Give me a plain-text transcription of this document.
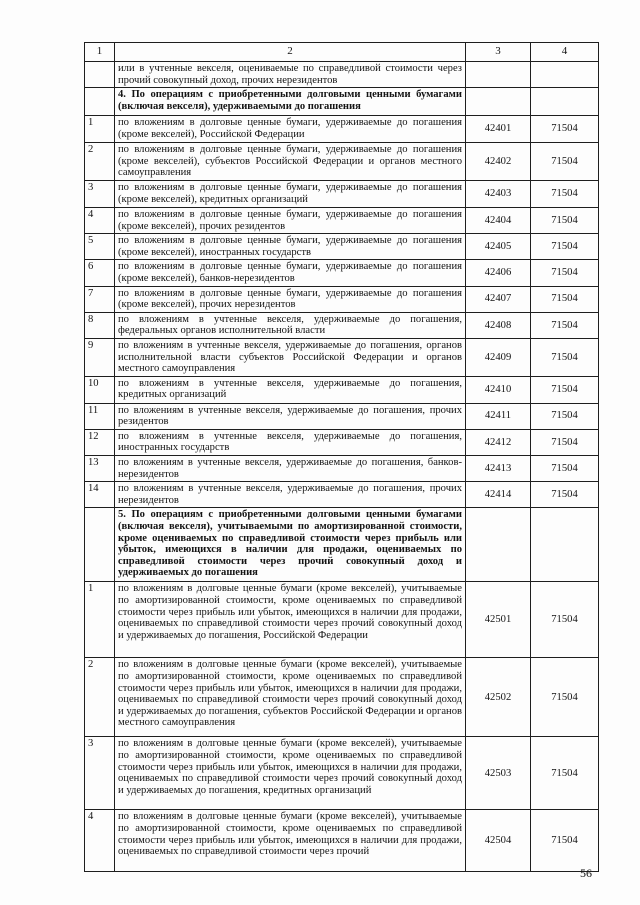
1	2	3	4
	или в учтенные векселя, оцениваемые по справедливой стоимости через прочий совокупный доход, прочих нерезидентов		
	4. По операциям с приобретенными долговыми ценными бумагами (включая векселя), удерживаемыми до погашения		
1	по вложениям в долговые ценные бумаги, удерживаемые до погашения (кроме векселей), Российской Федерации	42401	71504
2	по вложениям в долговые ценные бумаги, удерживаемые до погашения (кроме векселей), субъектов Российской Федерации и органов местного самоуправления	42402	71504
3	по вложениям в долговые ценные бумаги, удерживаемые до погашения (кроме векселей), кредитных организаций	42403	71504
4	по вложениям в долговые ценные бумаги, удерживаемые до погашения (кроме векселей), прочих резидентов	42404	71504
5	по вложениям в долговые ценные бумаги, удерживаемые до погашения (кроме векселей), иностранных государств	42405	71504
6	по вложениям в долговые ценные бумаги, удерживаемые до погашения (кроме векселей), банков-нерезидентов	42406	71504
7	по вложениям в долговые ценные бумаги, удерживаемые до погашения (кроме векселей), прочих нерезидентов	42407	71504
8	по вложениям в учтенные векселя, удерживаемые до погашения, федеральных органов исполнительной власти	42408	71504
9	по вложениям в учтенные векселя, удерживаемые до погашения, органов исполнительной власти субъектов Российской Федерации и органов местного самоуправления	42409	71504
10	по вложениям в учтенные векселя, удерживаемые до погашения, кредитных организаций	42410	71504
11	по вложениям в учтенные векселя, удерживаемые до погашения, прочих резидентов	42411	71504
12	по вложениям в учтенные векселя, удерживаемые до погашения, иностранных государств	42412	71504
13	по вложениям в учтенные векселя, удерживаемые до погашения, банков-нерезидентов	42413	71504
14	по вложениям в учтенные векселя, удерживаемые до погашения, прочих нерезидентов	42414	71504
	5. По операциям с приобретенными долговыми ценными бумагами (включая векселя), учитываемыми по амортизированной стоимости, кроме оцениваемых по справедливой стоимости через прибыль или убыток, имеющихся в наличии для продажи, оцениваемых по справедливой стоимости через прочий совокупный доход и удерживаемых до погашения		
1	по вложениям в долговые ценные бумаги (кроме векселей), учитываемые по амортизированной стоимости, кроме оцениваемых по справедливой стоимости через прибыль или убыток, имеющихся в наличии для продажи, оцениваемых по справедливой стоимости через прочий совокупный доход и удерживаемых до погашения, Российской Федерации	42501	71504
2	по вложениям в долговые ценные бумаги (кроме векселей), учитываемые по амортизированной стоимости, кроме оцениваемых по справедливой стоимости через прибыль или убыток, имеющихся в наличии для продажи, оцениваемых по справедливой стоимости через прочий совокупный доход и удерживаемых до погашения, субъектов Российской Федерации и органов местного самоуправления	42502	71504
3	по вложениям в долговые ценные бумаги (кроме векселей), учитываемые по амортизированной стоимости, кроме оцениваемых по справедливой стоимости через прибыль или убыток, имеющихся в наличии для продажи, оцениваемых по справедливой стоимости через прочий совокупный доход и удерживаемых до погашения, кредитных организаций	42503	71504
4	по вложениям в долговые ценные бумаги (кроме векселей), учитываемые по амортизированной стоимости, кроме оцениваемых по справедливой стоимости через прибыль или убыток, имеющихся в наличии для продажи, оцениваемых по справедливой стоимости через прочий	42504	71504
56
